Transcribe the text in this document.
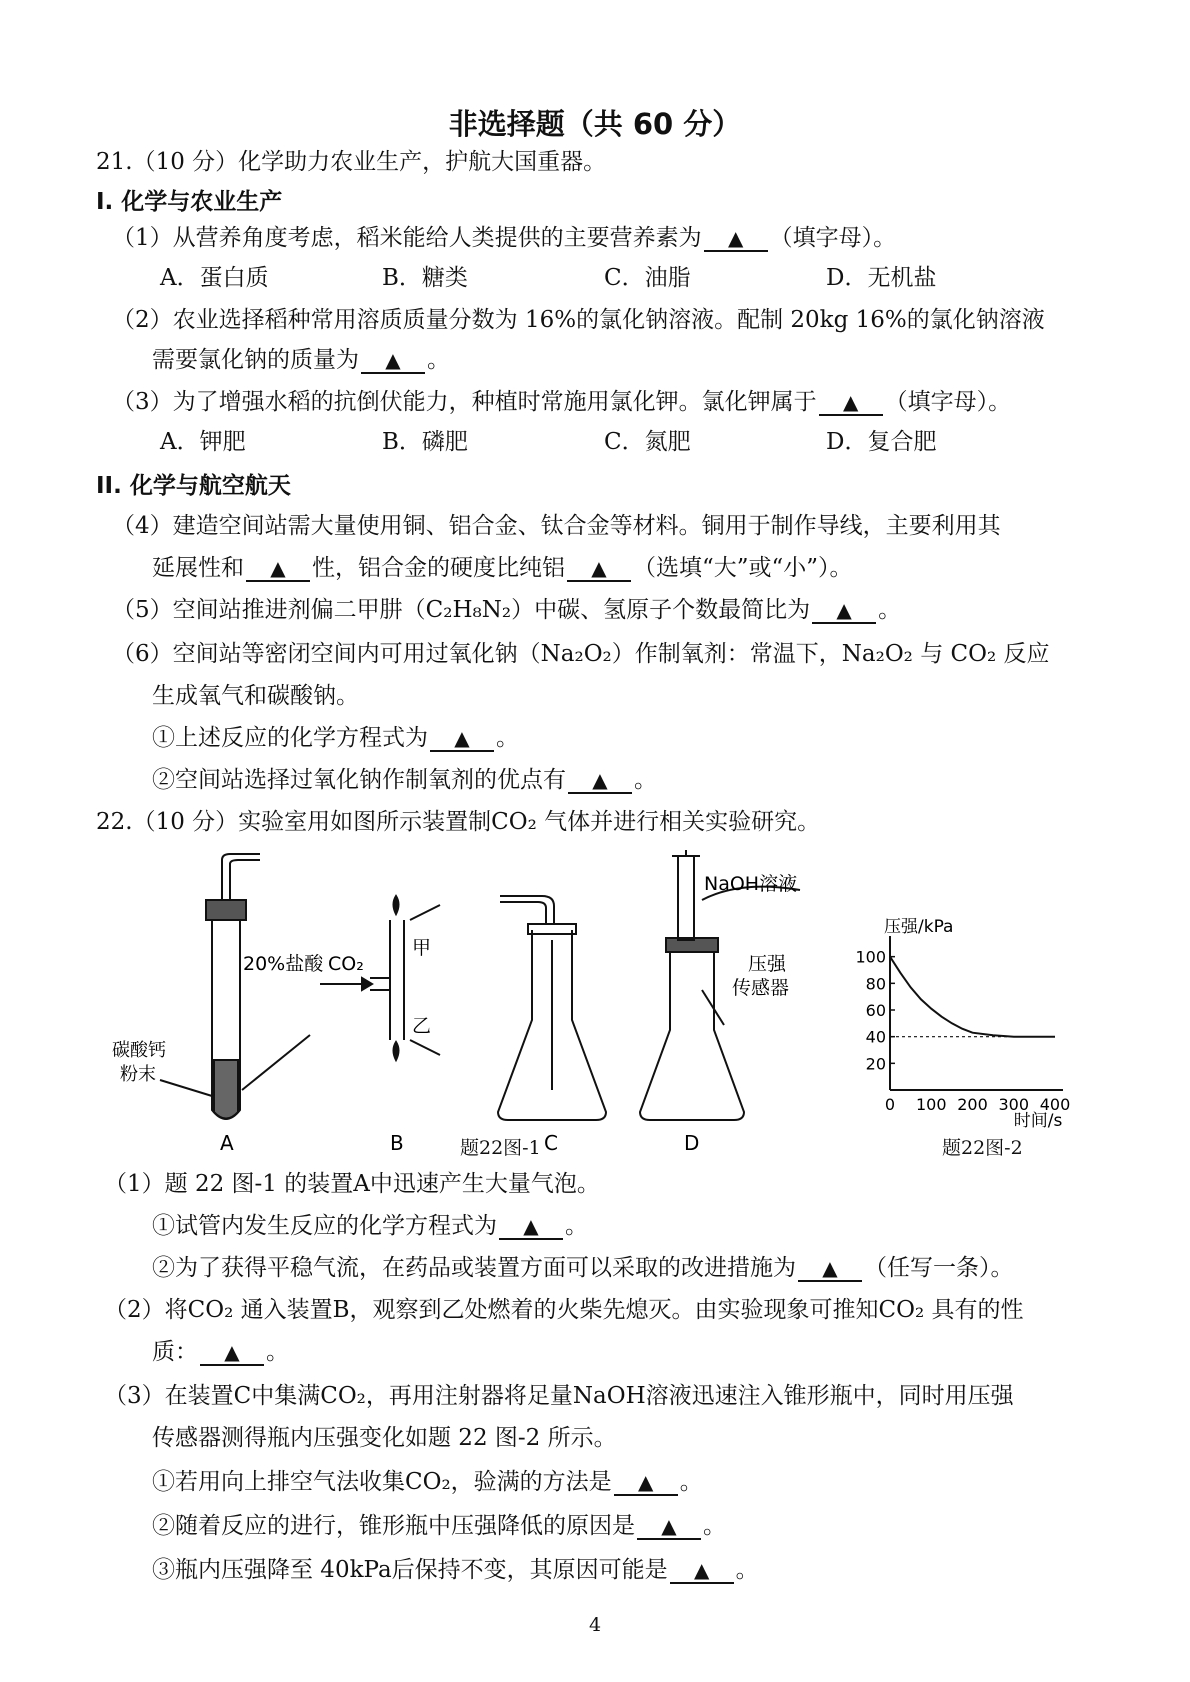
非选择题（共 60 分）
21.（10 分）化学助力农业生产，护航大国重器。
I. 化学与农业生产
（1）从营养角度考虑，稻米能给人类提供的主要营养素为 ▲ （填字母）。
A．蛋白质	B．糖类	C．油脂	D．无机盐
（2）农业选择稻种常用溶质质量分数为 16%的氯化钠溶液。配制 20kg 16%的氯化钠溶液
需要氯化钠的质量为 ▲ 。
（3）为了增强水稻的抗倒伏能力，种植时常施用氯化钾。氯化钾属于 ▲ （填字母）。
A．钾肥	B．磷肥	C．氮肥	D．复合肥
II. 化学与航空航天
（4）建造空间站需大量使用铜、铝合金、钛合金等材料。铜用于制作导线，主要利用其
延展性和 ▲ 性，铝合金的硬度比纯铝 ▲ （选填“大”或“小”）。
（5）空间站推进剂偏二甲肼（C₂H₈N₂）中碳、氢原子个数最简比为 ▲ 。
（6）空间站等密闭空间内可用过氧化钠（Na₂O₂）作制氧剂：常温下，Na₂O₂ 与 CO₂ 反应
生成氧气和碳酸钠。
①上述反应的化学方程式为 ▲ 。
②空间站选择过氧化钠作制氧剂的优点有 ▲ 。
22.（10 分）实验室用如图所示装置制CO₂ 气体并进行相关实验研究。
20%盐酸
碳酸钙
粉末
A
CO₂
甲
乙
B	C
NaOH溶液
压强
传感器
D
题22图-1
压强/kPa
时间/s
20
40
60
80
100
0 100 200 300 400
题22图-2
（1）题 22 图-1 的装置A中迅速产生大量气泡。
①试管内发生反应的化学方程式为 ▲ 。
②为了获得平稳气流，在药品或装置方面可以采取的改进措施为 ▲ （任写一条）。
（2）将CO₂ 通入装置B，观察到乙处燃着的火柴先熄灭。由实验现象可推知CO₂ 具有的性
质： ▲ 。
（3）在装置C中集满CO₂，再用注射器将足量NaOH溶液迅速注入锥形瓶中，同时用压强
传感器测得瓶内压强变化如题 22 图-2 所示。
①若用向上排空气法收集CO₂，验满的方法是 ▲ 。
②随着反应的进行，锥形瓶中压强降低的原因是 ▲ 。
③瓶内压强降至 40kPa后保持不变，其原因可能是 ▲ 。
4
